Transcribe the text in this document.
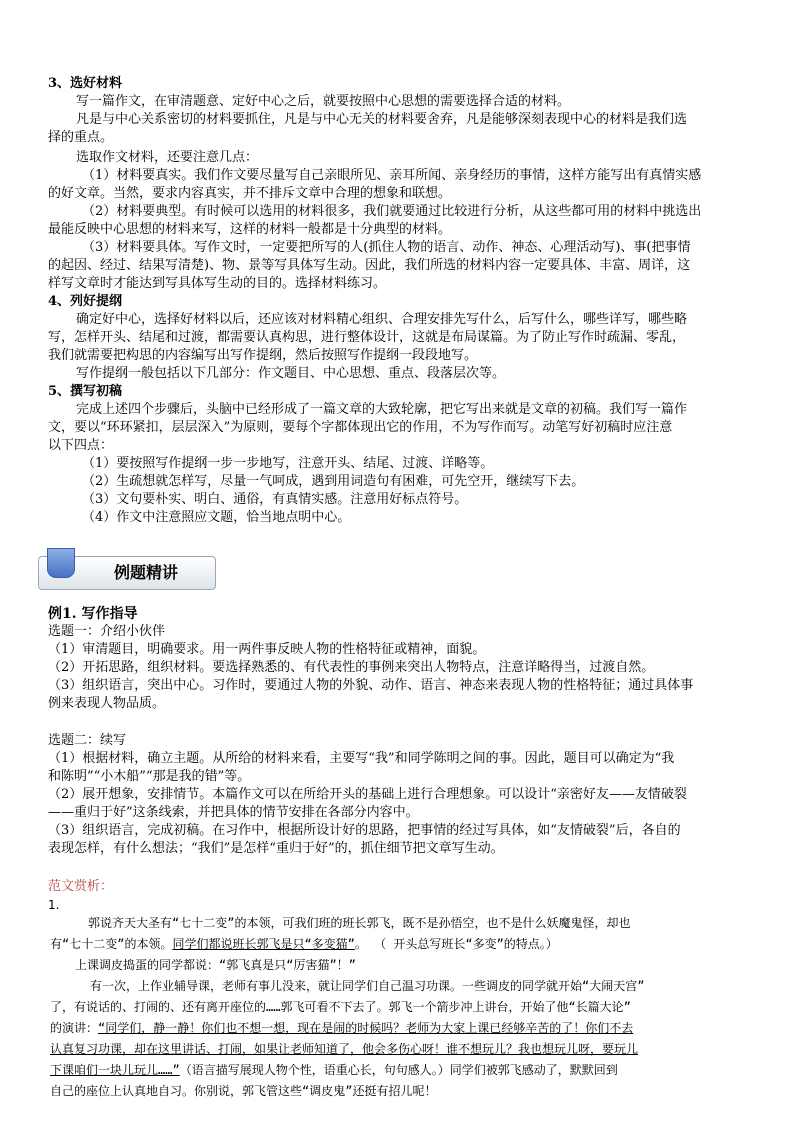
3、选好材料
写一篇作文，在审清题意、定好中心之后，就要按照中心思想的需要选择合适的材料。
凡是与中心关系密切的材料要抓住，凡是与中心无关的材料要舍弃，凡是能够深刻表现中心的材料是我们选
择的重点。
选取作文材料，还要注意几点：
（1）材料要真实。我们作文要尽量写自己亲眼所见、亲耳所闻、亲身经历的事情，这样方能写出有真情实感
的好文章。当然，要求内容真实，并不排斥文章中合理的想象和联想。
（2）材料要典型。有时候可以选用的材料很多，我们就要通过比较进行分析，从这些都可用的材料中挑选出
最能反映中心思想的材料来写，这样的材料一般都是十分典型的材料。
（3）材料要具体。写作文时，一定要把所写的人(抓住人物的语言、动作、神态、心理活动写)、事(把事情
的起因、经过、结果写清楚)、物、景等写具体写生动。因此，我们所选的材料内容一定要具体、丰富、周详，这
样写文章时才能达到写具体写生动的目的。选择材料练习。
4、列好提纲
确定好中心，选择好材料以后，还应该对材料精心组织、合理安排先写什么，后写什么，哪些详写，哪些略
写，怎样开头、结尾和过渡，都需要认真构思，进行整体设计，这就是布局谋篇。为了防止写作时疏漏、零乱，
我们就需要把构思的内容编写出写作提纲，然后按照写作提纲一段段地写。
写作提纲一般包括以下几部分：作文题目、中心思想、重点、段落层次等。
5、撰写初稿
完成上述四个步骤后，头脑中已经形成了一篇文章的大致轮廓，把它写出来就是文章的初稿。我们写一篇作
文，要以“环环紧扣，层层深入”为原则，要每个字都体现出它的作用，不为写作而写。动笔写好初稿时应注意
以下四点：
（1）要按照写作提纲一步一步地写，注意开头、结尾、过渡、详略等。
（2）生疏想就怎样写，尽量一气呵成，遇到用词造句有困难，可先空开，继续写下去。
（3）文句要朴实、明白、通俗，有真情实感。注意用好标点符号。
（4）作文中注意照应文题，恰当地点明中心。
例题精讲
例1. 写作指导
选题一：介绍小伙伴
（1）审清题目，明确要求。用一两件事反映人物的性格特征或精神，面貌。
（2）开拓思路，组织材料。要选择熟悉的、有代表性的事例来突出人物特点，注意详略得当，过渡自然。
（3）组织语言，突出中心。习作时，要通过人物的外貌、动作、语言、神态来表现人物的性格特征；通过具体事
例来表现人物品质。
选题二：续写
（1）根据材料，确立主题。从所给的材料来看，主要写“我”和同学陈明之间的事。因此，题目可以确定为“我
和陈明”“小木船”“那是我的错”等。
（2）展开想象，安排情节。本篇作文可以在所给开头的基础上进行合理想象。可以设计“亲密好友——友情破裂
——重归于好”这条线索，并把具体的情节安排在各部分内容中。
（3）组织语言，完成初稿。在习作中，根据所设计好的思路，把事情的经过写具体，如“友情破裂”后，各自的
表现怎样，有什么想法；“我们”是怎样“重归于好”的，抓住细节把文章写生动。
范文赏析：
1.
郭说齐天大圣有“七十二变”的本领，可我们班的班长郭飞，既不是孙悟空，也不是什么妖魔鬼怪，却也
有“七十二变”的本领。同学们都说班长郭飞是只“多变猫”。 （ 开头总写班长“多变”的特点。）
上课调皮捣蛋的同学都说：“郭飞真是只“厉害猫”！”
有一次，上作业辅导课，老师有事儿没来，就让同学们自己温习功课。一些调皮的同学就开始“大闹天宫”
了，有说话的、打闹的、还有离开座位的……郭飞可看不下去了。郭飞一个箭步冲上讲台，开始了他“长篇大论”
的演讲：“同学们，静一静！你们也不想一想，现在是闹的时候吗？老师为大家上课已经够辛苦的了！你们不去
认真复习功课，却在这里讲话、打闹，如果让老师知道了，他会多伤心呀！谁不想玩儿？我也想玩儿呀，要玩儿
下课咱们一块儿玩儿……”（语言描写展现人物个性，语重心长，句句感人。）同学们被郭飞感动了，默默回到
自己的座位上认真地自习。你别说，郭飞管这些“调皮鬼”还挺有招儿呢！
